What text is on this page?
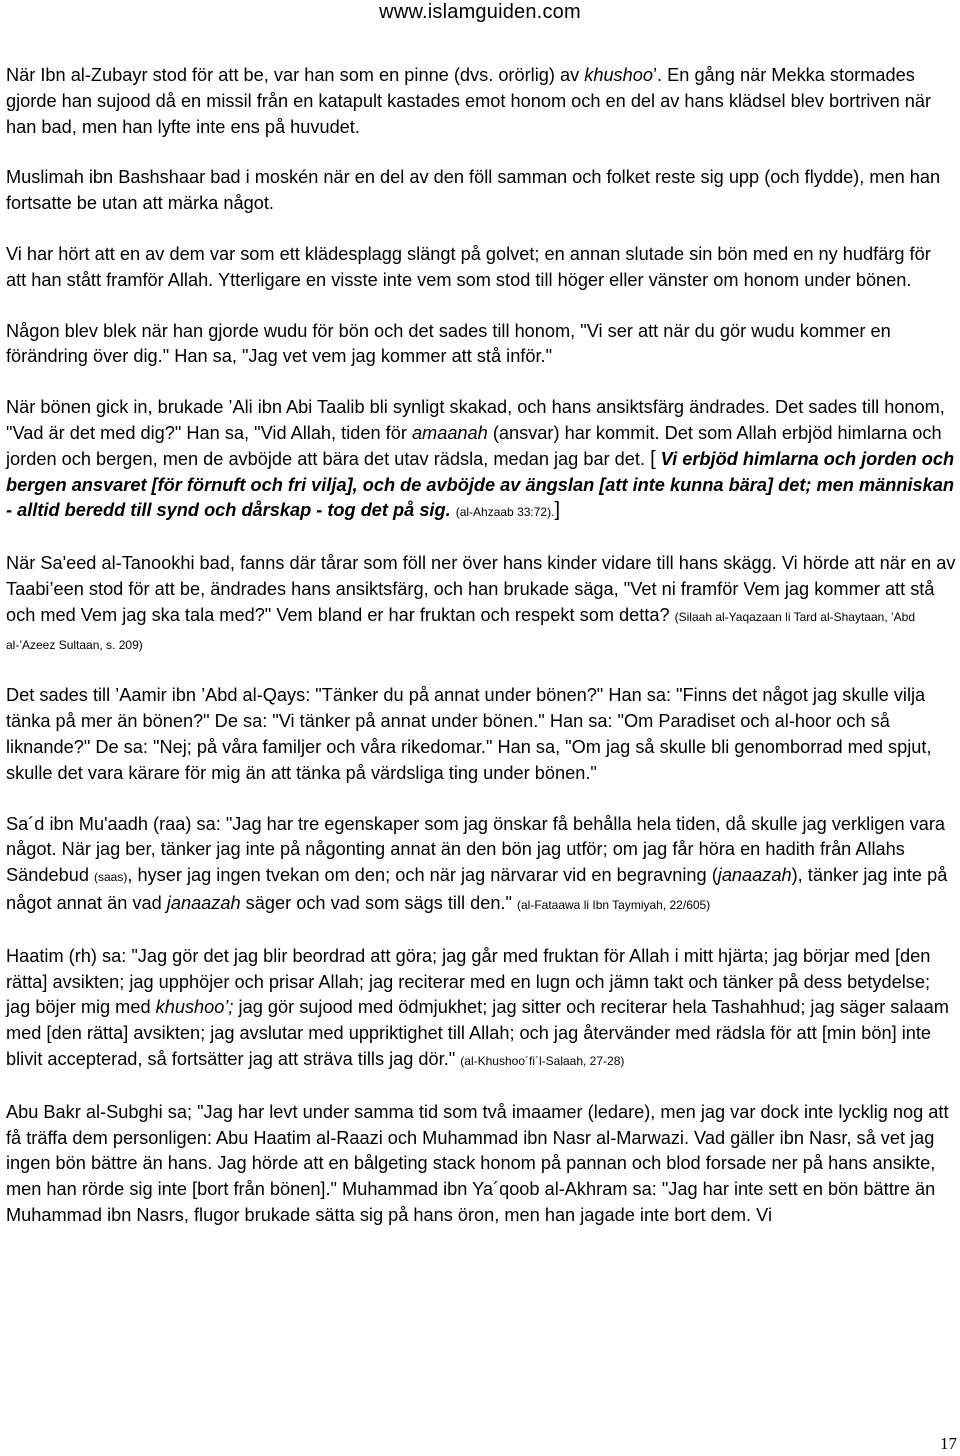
www.islamguiden.com

När Ibn al-Zubayr stod för att be, var han som en pinne (dvs. orörlig) av khushoo’. En gång när Mekka stormades gjorde han sujood då en missil från en katapult kastades emot honom och en del av hans klädsel blev bortriven när han bad, men han lyfte inte ens på huvudet.

Muslimah ibn Bashshaar bad i moskén när en del av den föll samman och folket reste sig upp (och flydde), men han fortsatte be utan att märka något.

Vi har hört att en av dem var som ett klädesplagg slängt på golvet; en annan slutade sin bön med en ny hudfärg för att han stått framför Allah. Ytterligare en visste inte vem som stod till höger eller vänster om honom under bönen.

Någon blev blek när han gjorde wudu för bön och det sades till honom, "Vi ser att när du gör wudu kommer en förändring över dig." Han sa, "Jag vet vem jag kommer att stå inför."

När bönen gick in, brukade ’Ali ibn Abi Taalib bli synligt skakad, och hans ansiktsfärg ändrades. Det sades till honom, "Vad är det med dig?" Han sa, "Vid Allah, tiden för amaanah (ansvar) har kommit. Det som Allah erbjöd himlarna och jorden och bergen, men de avböjde att bära det utav rädsla, medan jag bar det. [ Vi erbjöd himlarna och jorden och bergen ansvaret [för förnuft och fri vilja], och de avböjde av ängslan [att inte kunna bära] det; men människan - alltid beredd till synd och dårskap - tog det på sig. (al-Ahzaab 33:72).]

När Sa'eed al-Tanookhi bad, fanns där tårar som föll ner över hans kinder vidare till hans skägg. Vi hörde att när en av Taabi’een stod för att be, ändrades hans ansiktsfärg, och han brukade säga, "Vet ni framför Vem jag kommer att stå och med Vem jag ska tala med?" Vem bland er har fruktan och respekt som detta? (Silaah al-Yaqazaan li Tard al-Shaytaan, ’Abd al-’Azeez Sultaan, s. 209)

Det sades till ’Aamir ibn ’Abd al-Qays: "Tänker du på annat under bönen?" Han sa: "Finns det något jag skulle vilja tänka på mer än bönen?" De sa: "Vi tänker på annat under bönen." Han sa: "Om Paradiset och al-hoor och så liknande?" De sa: "Nej; på våra familjer och våra rikedomar." Han sa, "Om jag så skulle bli genomborrad med spjut, skulle det vara kärare för mig än att tänka på värdsliga ting under bönen."

Sa´d ibn Mu'aadh (raa) sa: "Jag har tre egenskaper som jag önskar få behålla hela tiden, då skulle jag verkligen vara något. När jag ber, tänker jag inte på någonting annat än den bön jag utför; om jag får höra en hadith från Allahs Sändebud (saas), hyser jag ingen tvekan om den; och när jag närvarar vid en begravning (janaazah), tänker jag inte på något annat än vad janaazah säger och vad som sägs till den." (al-Fataawa li Ibn Taymiyah, 22/605)

Haatim (rh) sa: "Jag gör det jag blir beordrad att göra; jag går med fruktan för Allah i mitt hjärta; jag börjar med [den rätta] avsikten; jag upphöjer och prisar Allah; jag reciterar med en lugn och jämn takt och tänker på dess betydelse; jag böjer mig med khushoo’; jag gör sujood med ödmjukhet; jag sitter och reciterar hela Tashahhud; jag säger salaam med [den rätta] avsikten; jag avslutar med uppriktighet till Allah; och jag återvänder med rädsla för att [min bön] inte blivit accepterad, så fortsätter jag att sträva tills jag dör." (al-Khushoo´fi´l-Salaah, 27-28)

Abu Bakr al-Subghi sa; "Jag har levt under samma tid som två imaamer (ledare), men jag var dock inte lycklig nog att få träffa dem personligen: Abu Haatim al-Raazi och Muhammad ibn Nasr al-Marwazi. Vad gäller ibn Nasr, så vet jag ingen bön bättre än hans. Jag hörde att en bålgeting stack honom på pannan och blod forsade ner på hans ansikte, men han rörde sig inte [bort från bönen]." Muhammad ibn Ya´qoob al-Akhram sa: "Jag har inte sett en bön bättre än Muhammad ibn Nasrs, flugor brukade sätta sig på hans öron, men han jagade inte bort dem. Vi

17
